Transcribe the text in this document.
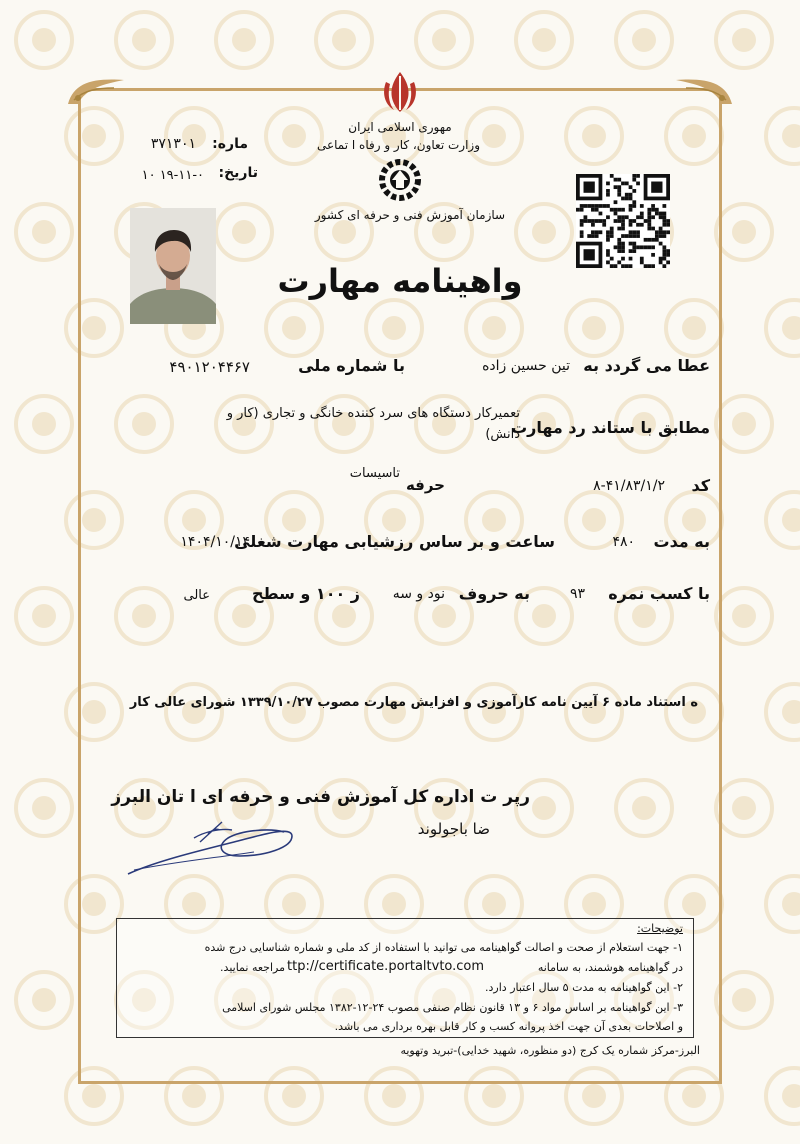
مهوری اسلامی ایران
وزارت تعاون، کار و رفاه ا تماعی
سازمان آموزش فنی و حرفه ای کشور
ماره:
۳۷۱۳۰۱
تاریخ:
۱۹-۱۱-۰ ۱۰
واهینامه مهارت
عطا می گردد به
تین حسین زاده
با شماره ملی
۴۹۰۱۲۰۴۴۶۷
مطابق با ستاند رد مهارت
تعمیرکار دستگاه های سرد کننده خانگی و تجاری (کار و
دانش)
کد
۸-۴۱/۸۳/۱/۲
حرفه
تاسیسات
به مدت
۴۸۰
ساعت و بر ساس رزشیابی مهارت شغلی
۱۴۰۴/۱۰/۱۴
با کسب نمره
۹۳
به حروف
نود و سه
ز ۱۰۰ و سطح
عالی
ه استناد ماده ۶ آیین نامه کارآموزی و افزایش مهارت مصوب ۱۳۳۹/۱۰/۲۷ شورای عالی کار
رپر ت اداره کل آموزش فنی و حرفه ای ا تان البرز
ضا باجولوند
توضیحات:
۱- جهت استعلام از صحت و اصالت گواهینامه می توانید با استفاده از کد ملی و شماره شناسایی درج شده
در گواهینامه هوشمند، به سامانه
ttp://certificate.portaltvto.com
مراجعه نمایید.
۲- این گواهینامه به مدت ۵ سال اعتبار دارد.
۳- این گواهینامه بر اساس مواد ۶ و ۱۳ قانون نظام صنفی مصوب ۲۴-۱۲-۱۳۸۲ مجلس شورای اسلامی
و اصلاحات بعدی آن جهت اخذ پروانه کسب و کار قابل بهره برداری می باشد.
البرز-مرکز شماره یک کرج (دو منظوره، شهید خدایی)-تبرید وتهویه
